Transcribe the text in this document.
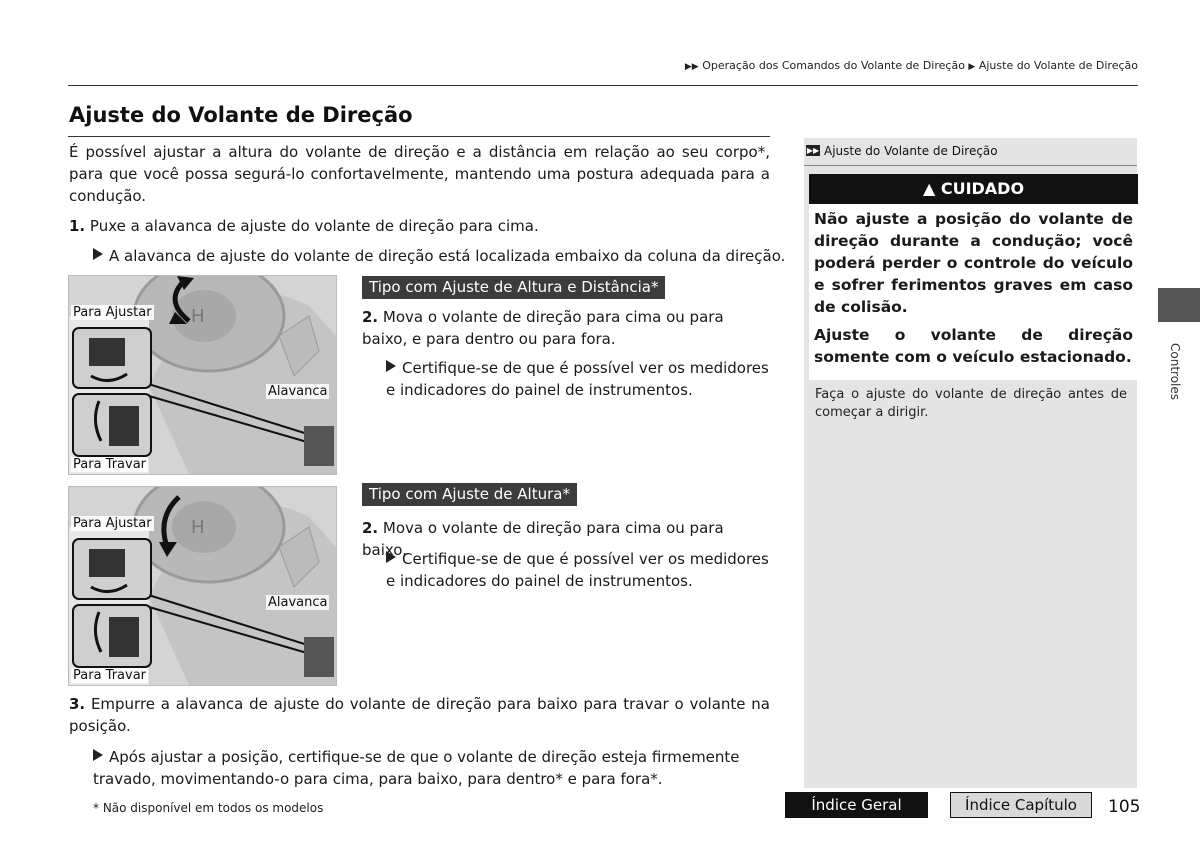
▶▶ Operação dos Comandos do Volante de Direção ▶ Ajuste do Volante de Direção
Ajuste do Volante de Direção
É possível ajustar a altura do volante de direção e a distância em relação ao seu corpo*, para que você possa segurá-lo confortavelmente, mantendo uma postura adequada para a condução.
1. Puxe a alavanca de ajuste do volante de direção para cima.
A alavanca de ajuste do volante de direção está localizada embaixo da coluna da direção.
H
Para Ajustar
Alavanca
Para Travar
Tipo com Ajuste de Altura e Distância*
2. Mova o volante de direção para cima ou para baixo, e para dentro ou para fora.
Certifique-se de que é possível ver os medidores e indicadores do painel de instrumentos.
H
Para Ajustar
Alavanca
Para Travar
Tipo com Ajuste de Altura*
2. Mova o volante de direção para cima ou para baixo.
Certifique-se de que é possível ver os medidores e indicadores do painel de instrumentos.
3. Empurre a alavanca de ajuste do volante de direção para baixo para travar o volante na posição.
Após ajustar a posição, certifique-se de que o volante de direção esteja firmemente travado, movimentando-o para cima, para baixo, para dentro* e para fora*.
▶▶ Ajuste do Volante de Direção
▲ CUIDADO

Não ajuste a posição do volante de direção durante a condução; você poderá perder o controle do veículo e sofrer ferimentos graves em caso de colisão.

Ajuste o volante de direção somente com o veículo estacionado.

Faça o ajuste do volante de direção antes de começar a dirigir.
Controles
* Não disponível em todos os modelos	Índice Geral	Índice Capítulo	105
